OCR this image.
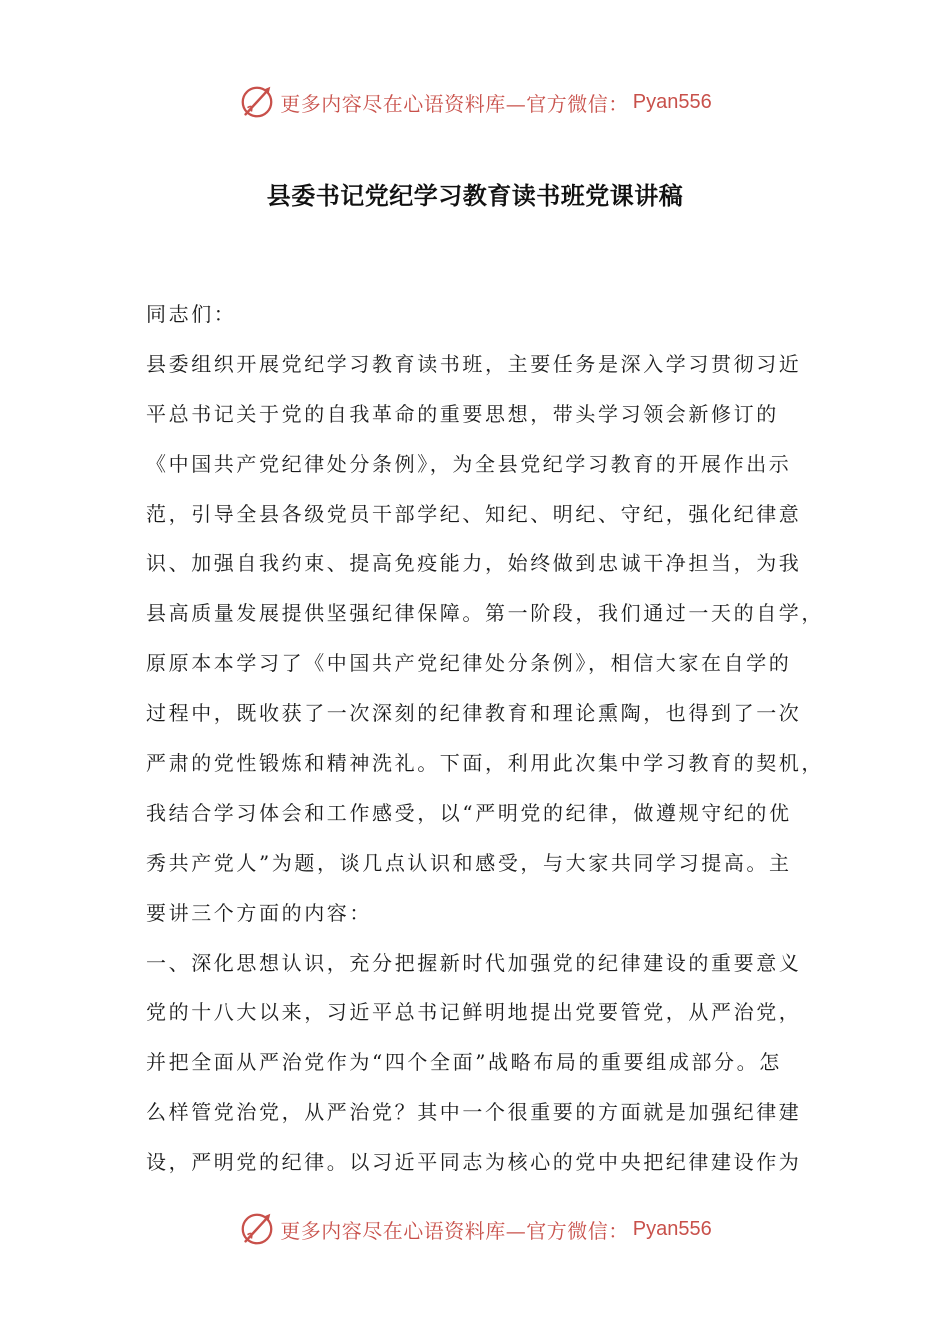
更多内容尽在心语资料库—官方微信： Pyan556
县委书记党纪学习教育读书班党课讲稿
同志们：
县委组织开展党纪学习教育读书班，主要任务是深入学习贯彻习近
平总书记关于党的自我革命的重要思想，带头学习领会新修订的
《中国共产党纪律处分条例》，为全县党纪学习教育的开展作出示
范，引导全县各级党员干部学纪、知纪、明纪、守纪，强化纪律意
识、加强自我约束、提高免疫能力，始终做到忠诚干净担当，为我
县高质量发展提供坚强纪律保障。第一阶段，我们通过一天的自学，
原原本本学习了《中国共产党纪律处分条例》，相信大家在自学的
过程中，既收获了一次深刻的纪律教育和理论熏陶，也得到了一次
严肃的党性锻炼和精神洗礼。下面，利用此次集中学习教育的契机，
我结合学习体会和工作感受，以“严明党的纪律，做遵规守纪的优
秀共产党人”为题，谈几点认识和感受，与大家共同学习提高。主
要讲三个方面的内容：
一、深化思想认识，充分把握新时代加强党的纪律建设的重要意义
党的十八大以来，习近平总书记鲜明地提出党要管党，从严治党，
并把全面从严治党作为“四个全面”战略布局的重要组成部分。怎
么样管党治党，从严治党？其中一个很重要的方面就是加强纪律建
设，严明党的纪律。以习近平同志为核心的党中央把纪律建设作为
更多内容尽在心语资料库—官方微信： Pyan556
